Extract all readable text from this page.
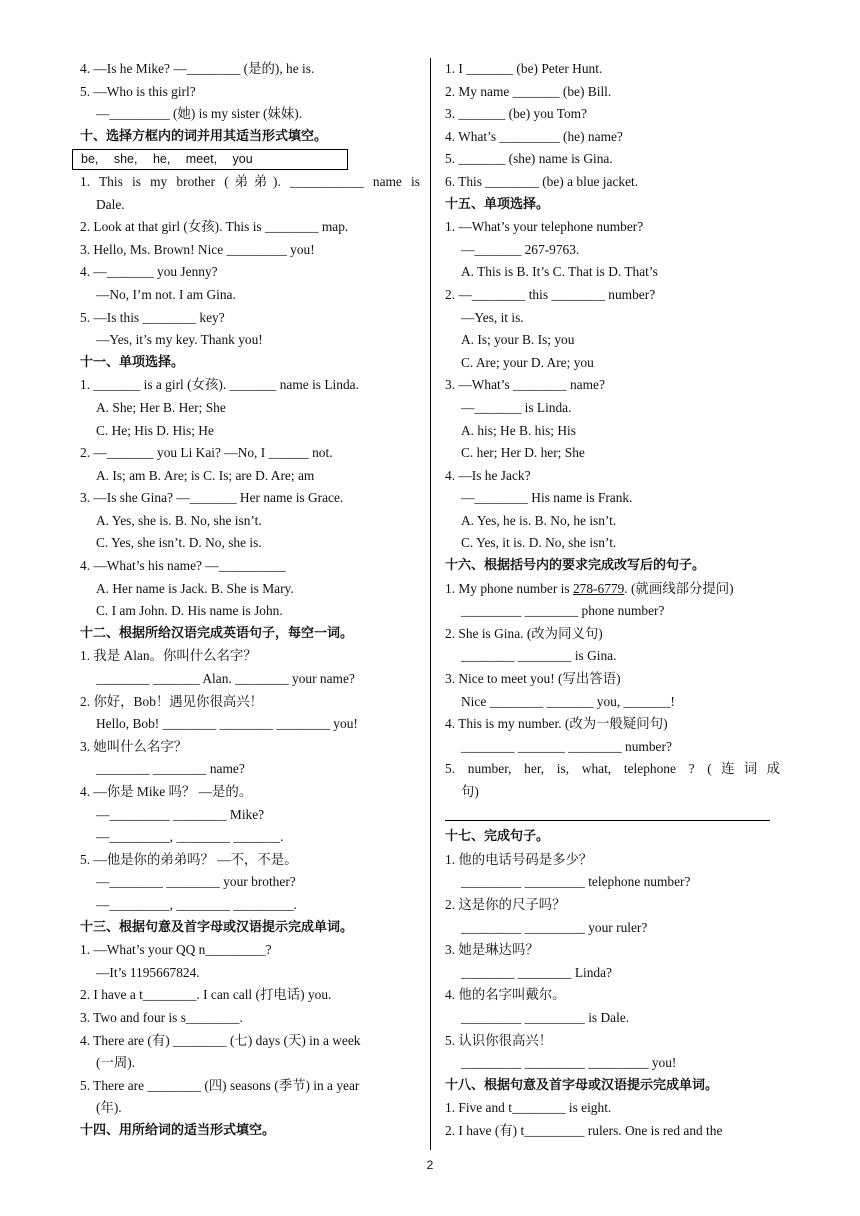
4. —Is he Mike? —________ (是的), he is.
5. —Who is this girl?
—_________ (她) is my sister (妹妹).
十、选择方框内的词并用其适当形式填空。
be, she, he, meet, you
1. This is my brother (弟弟). ___________ name is
Dale.
2. Look at that girl (女孩). This is ________ map.
3. Hello, Ms. Brown! Nice _________ you!
4. —_______ you Jenny?
—No, I’m not. I am Gina.
5. —Is this ________ key?
—Yes, it’s my key. Thank you!
十一、单项选择。
1. _______ is a girl (女孩). _______ name is Linda.
A. She; Her B. Her; She
C. He; His D. His; He
2. —_______ you Li Kai? —No, I ______ not.
A. Is; am B. Are; is C. Is; are D. Are; am
3. —Is she Gina? —_______ Her name is Grace.
A. Yes, she is. B. No, she isn’t.
C. Yes, she isn’t. D. No, she is.
4. —What’s his name? —__________
A. Her name is Jack. B. She is Mary.
C. I am John. D. His name is John.
十二、根据所给汉语完成英语句子，每空一词。
1. 我是 Alan。你叫什么名字？
________ _______ Alan. ________ your name?
2. 你好，Bob！遇见你很高兴！
Hello, Bob! ________ ________ ________ you!
3. 她叫什么名字？
________ ________ name?
4. —你是 Mike 吗？ —是的。
—_________ ________ Mike?
—_________, ________ _______.
5. —他是你的弟弟吗？ —不，不是。
—________ ________ your brother?
—_________, ________ _________.
十三、根据句意及首字母或汉语提示完成单词。
1. —What’s your QQ n_________?
—It’s 1195667824.
2. I have a t________. I can call (打电话) you.
3. Two and four is s________.
4. There are (有) ________ (七) days (天) in a week
(一周).
5. There are ________ (四) seasons (季节) in a year
(年).
十四、用所给词的适当形式填空。
1. I _______ (be) Peter Hunt.
2. My name _______ (be) Bill.
3. _______ (be) you Tom?
4. What’s _________ (he) name?
5. _______ (she) name is Gina.
6. This ________ (be) a blue jacket.
十五、单项选择。
1. —What’s your telephone number?
—_______ 267-9763.
A. This is B. It’s C. That is D. That’s
2. —________ this ________ number?
—Yes, it is.
A. Is; your B. Is; you
C. Are; your D. Are; you
3. —What’s ________ name?
—_______ is Linda.
A. his; He B. his; His
C. her; Her D. her; She
4. —Is he Jack?
—________ His name is Frank.
A. Yes, he is. B. No, he isn’t.
C. Yes, it is. D. No, she isn’t.
十六、根据括号内的要求完成改写后的句子。
1. My phone number is 278-6779. (就画线部分提问)
_________ ________ phone number?
2. She is Gina. (改为同义句)
________ ________ is Gina.
3. Nice to meet you! (写出答语)
Nice ________ _______ you, _______!
4. This is my number. (改为一般疑问句)
________ _______ ________ number?
5. number, her, is, what, telephone ? (连词成
句)
十七、完成句子。
1. 他的电话号码是多少？
_________ _________ telephone number?
2. 这是你的尺子吗？
_________ _________ your ruler?
3. 她是琳达吗？
________ ________ Linda?
4. 他的名字叫戴尔。
_________ _________ is Dale.
5. 认识你很高兴！
_________ _________ _________ you!
十八、根据句意及首字母或汉语提示完成单词。
1. Five and t________ is eight.
2. I have (有) t_________ rulers. One is red and the
2
